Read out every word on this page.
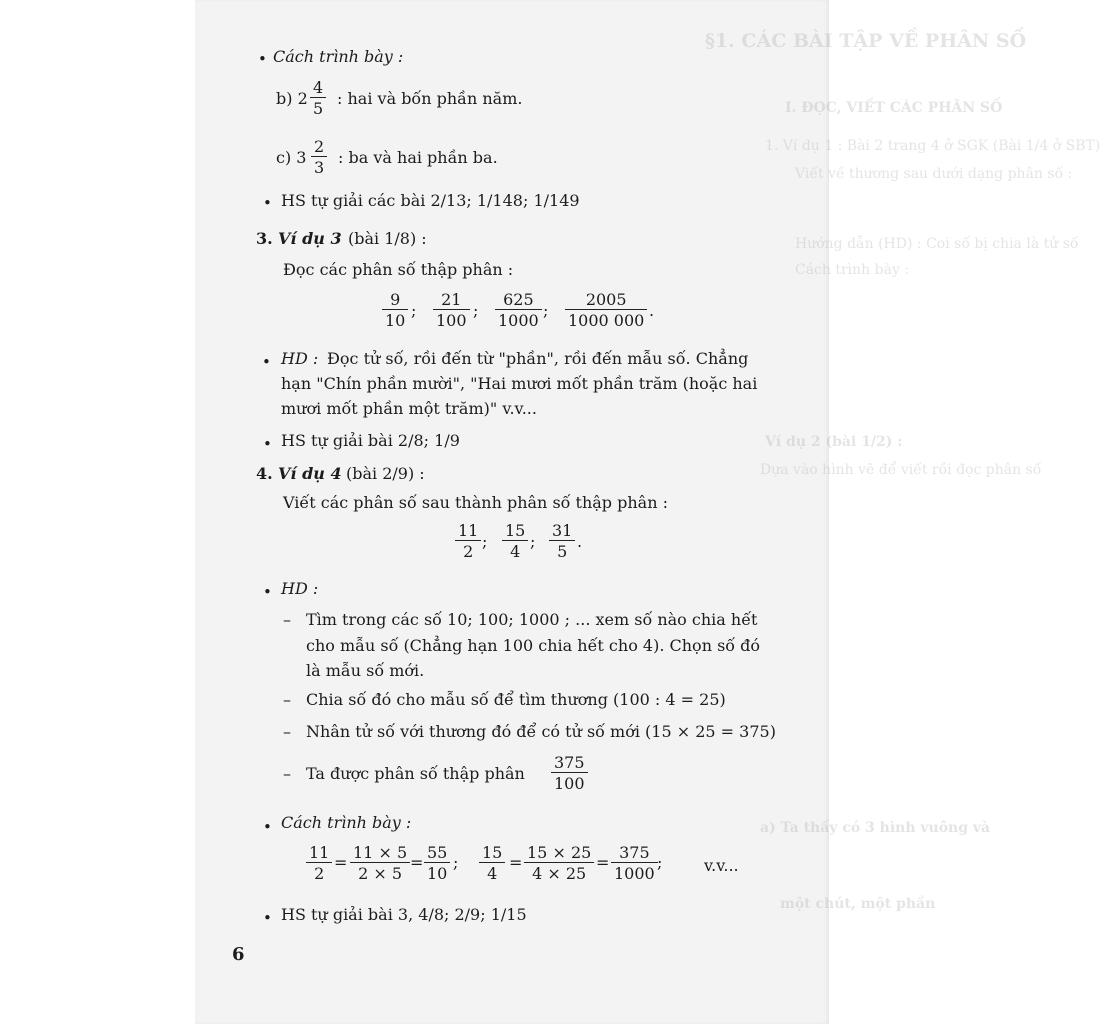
§1. CÁC BÀI TẬP VỀ PHÂN SỐ
I. ĐỌC, VIẾT CÁC PHÂN SỐ
1. Ví dụ 1 : Bài 2 trang 4 ở SGK (Bài 1/4 ở SBT)
Viết về thương sau dưới dạng phân số :
Hướng dẫn (HD) : Coi số bị chia là tử số
Cách trình bày :
Ví dụ 2 (bài 1/2) :
Dựa vào hình vẽ để viết rồi đọc phân số
a) Ta thấy có 3 hình vuông và
một chút, một phần
• Cách trình bày :
b) $2 \frac{4}{5}$ : hai và bốn phần năm.
c) $3 \frac{2}{3}$ : ba và hai phần ba.
• HS tự giải các bài 2/13; 1/148; 1/149
3. Ví dụ 3 (bài 1/8) :
Đọc các phân số thập phân :
$\frac{9}{10}$ ; $\frac{21}{100}$ ; $\frac{625}{1000}$ ; $\frac{2005}{1000 000}$ .
• HD : Đọc tử số, rồi đến từ "phần", rồi đến mẫu số. Chẳng
hạn "Chín phần mười", "Hai mươi mốt phần trăm (hoặc hai
mươi mốt phần một trăm)" v.v...
• HS tự giải bài 2/8; 1/9
4. Ví dụ 4 (bài 2/9) :
Viết các phân số sau thành phân số thập phân :
$\frac{11}{2}$ ; $\frac{15}{4}$ ; $\frac{31}{5}$ .
• HD :
– Tìm trong các số 10; 100; 1000 ; ... xem số nào chia hết
cho mẫu số (Chẳng hạn 100 chia hết cho 4). Chọn số đó
là mẫu số mới.
– Chia số đó cho mẫu số để tìm thương (100 : 4 = 25)
– Nhân tử số với thương đó để có tử số mới (15 × 25 = 375)
– Ta được phân số thập phân $\frac{375}{100}$
• Cách trình bày :
$\frac{11}{2} = \frac{11 \times 5}{2 \times 5} = \frac{55}{10}$ ; $\frac{15}{4} = \frac{15 \times 25}{4 \times 25} = \frac{375}{1000}$ ;	v.v...
• HS tự giải bài 3, 4/8; 2/9; 1/15
6
